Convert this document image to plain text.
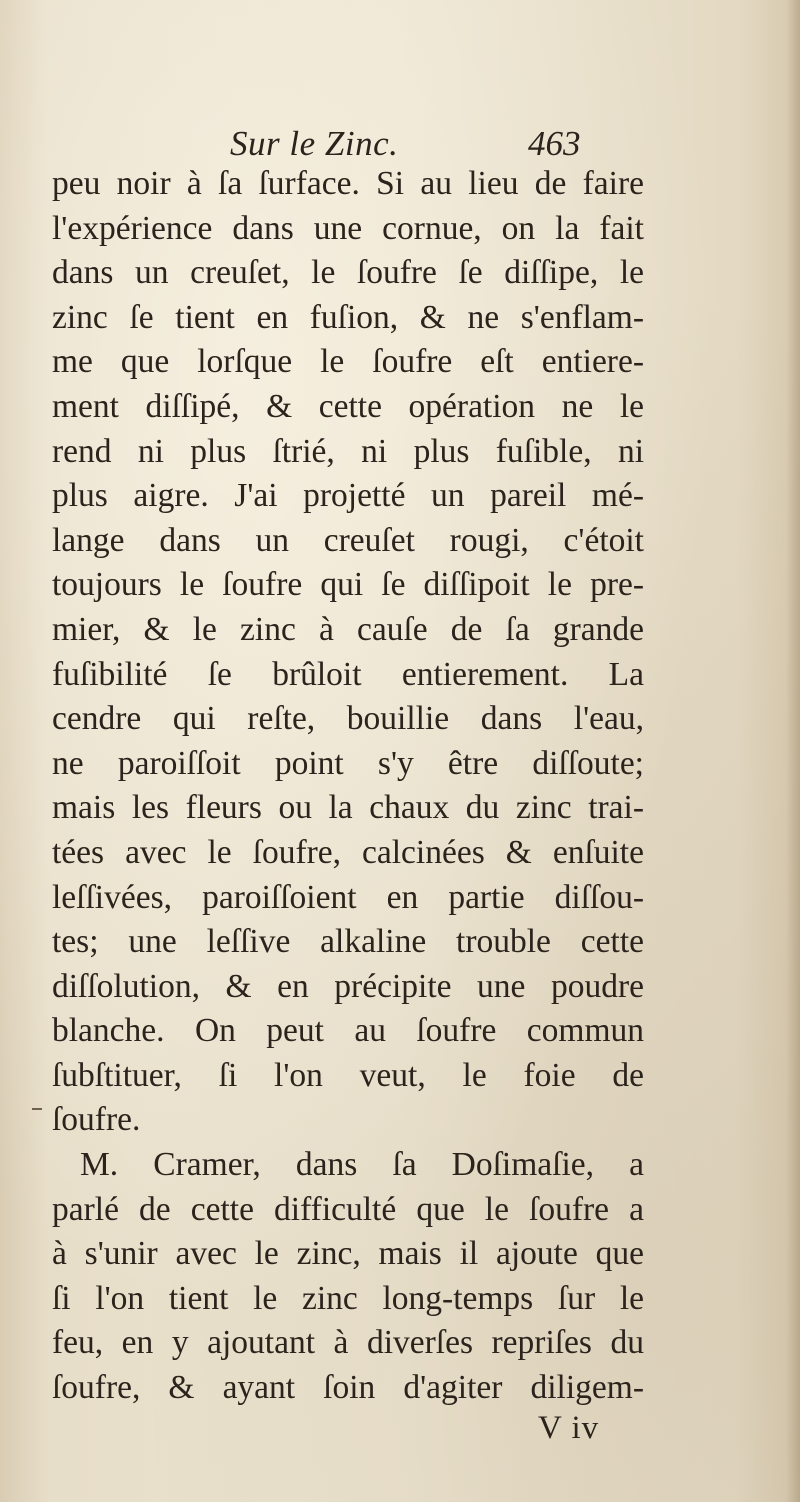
Sur le Zinc.	463
peu noir à ſa ſurface. Si au lieu de faire
l'expérience dans une cornue, on la fait
dans un creuſet, le ſoufre ſe diſſipe, le
zinc ſe tient en fuſion, & ne s'enflam-
me que lorſque le ſoufre eſt entiere-
ment diſſipé, & cette opération ne le
rend ni plus ſtrié, ni plus fuſible, ni
plus aigre. J'ai projetté un pareil mé-
lange dans un creuſet rougi, c'étoit
toujours le ſoufre qui ſe diſſipoit le pre-
mier, & le zinc à cauſe de ſa grande
fuſibilité ſe brûloit entierement. La
cendre qui reſte, bouillie dans l'eau,
ne paroiſſoit point s'y être diſſoute;
mais les fleurs ou la chaux du zinc trai-
tées avec le ſoufre, calcinées & enſuite
leſſivées, paroiſſoient en partie diſſou-
tes; une leſſive alkaline trouble cette
diſſolution, & en précipite une poudre
blanche. On peut au ſoufre commun
ſubſtituer, ſi l'on veut, le foie de
ſoufre.
M. Cramer, dans ſa Doſimaſie, a
parlé de cette difficulté que le ſoufre a
à s'unir avec le zinc, mais il ajoute que
ſi l'on tient le zinc long-temps ſur le
feu, en y ajoutant à diverſes repriſes du
ſoufre, & ayant ſoin d'agiter diligem-
V iv
